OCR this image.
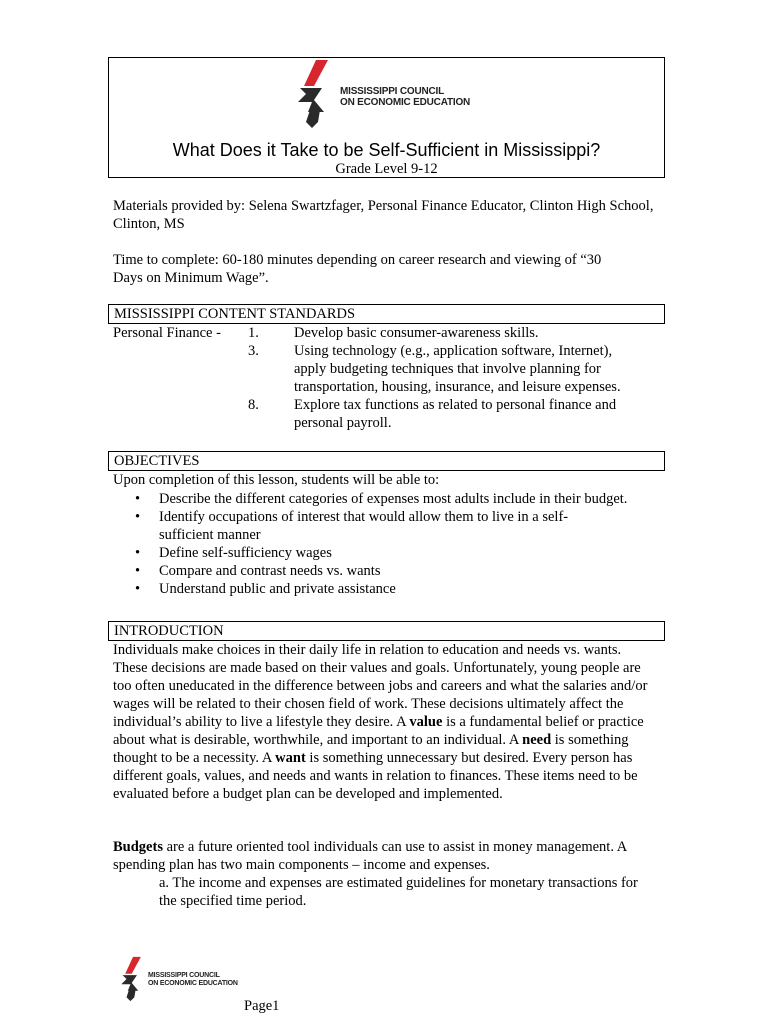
MISSISSIPPI COUNCIL
ON ECONOMIC EDUCATION
What Does it Take to be Self-Sufficient in Mississippi?
Grade Level 9-12
Materials provided by: Selena Swartzfager, Personal Finance Educator, Clinton High School, Clinton, MS
Time to complete: 60-180 minutes depending on career research and viewing of “30 Days on Minimum Wage”.
MISSISSIPPI CONTENT STANDARDS
Personal Finance - 1. Develop basic consumer-awareness skills.
3. Using technology (e.g., application software, Internet),
apply budgeting techniques that involve planning for
transportation, housing, insurance, and leisure expenses.
8. Explore tax functions as related to personal finance and
personal payroll.
OBJECTIVES
Upon completion of this lesson, students will be able to:
• Describe the different categories of expenses most adults include in their budget.
• Identify occupations of interest that would allow them to live in a self-sufficient manner
• Define self-sufficiency wages
• Compare and contrast needs vs. wants
• Understand public and private assistance
INTRODUCTION
Individuals make choices in their daily life in relation to education and needs vs. wants. These decisions are made based on their values and goals. Unfortunately, young people are too often uneducated in the difference between jobs and careers and what the salaries and/or wages will be related to their chosen field of work. These decisions ultimately affect the individual’s ability to live a lifestyle they desire. A value is a fundamental belief or practice about what is desirable, worthwhile, and important to an individual. A need is something thought to be a necessity. A want is something unnecessary but desired. Every person has different goals, values, and needs and wants in relation to finances. These items need to be evaluated before a budget plan can be developed and implemented.
Budgets are a future oriented tool individuals can use to assist in money management. A spending plan has two main components – income and expenses.
a. The income and expenses are estimated guidelines for monetary transactions for the specified time period.
MISSISSIPPI COUNCIL
ON ECONOMIC EDUCATION
Page1
